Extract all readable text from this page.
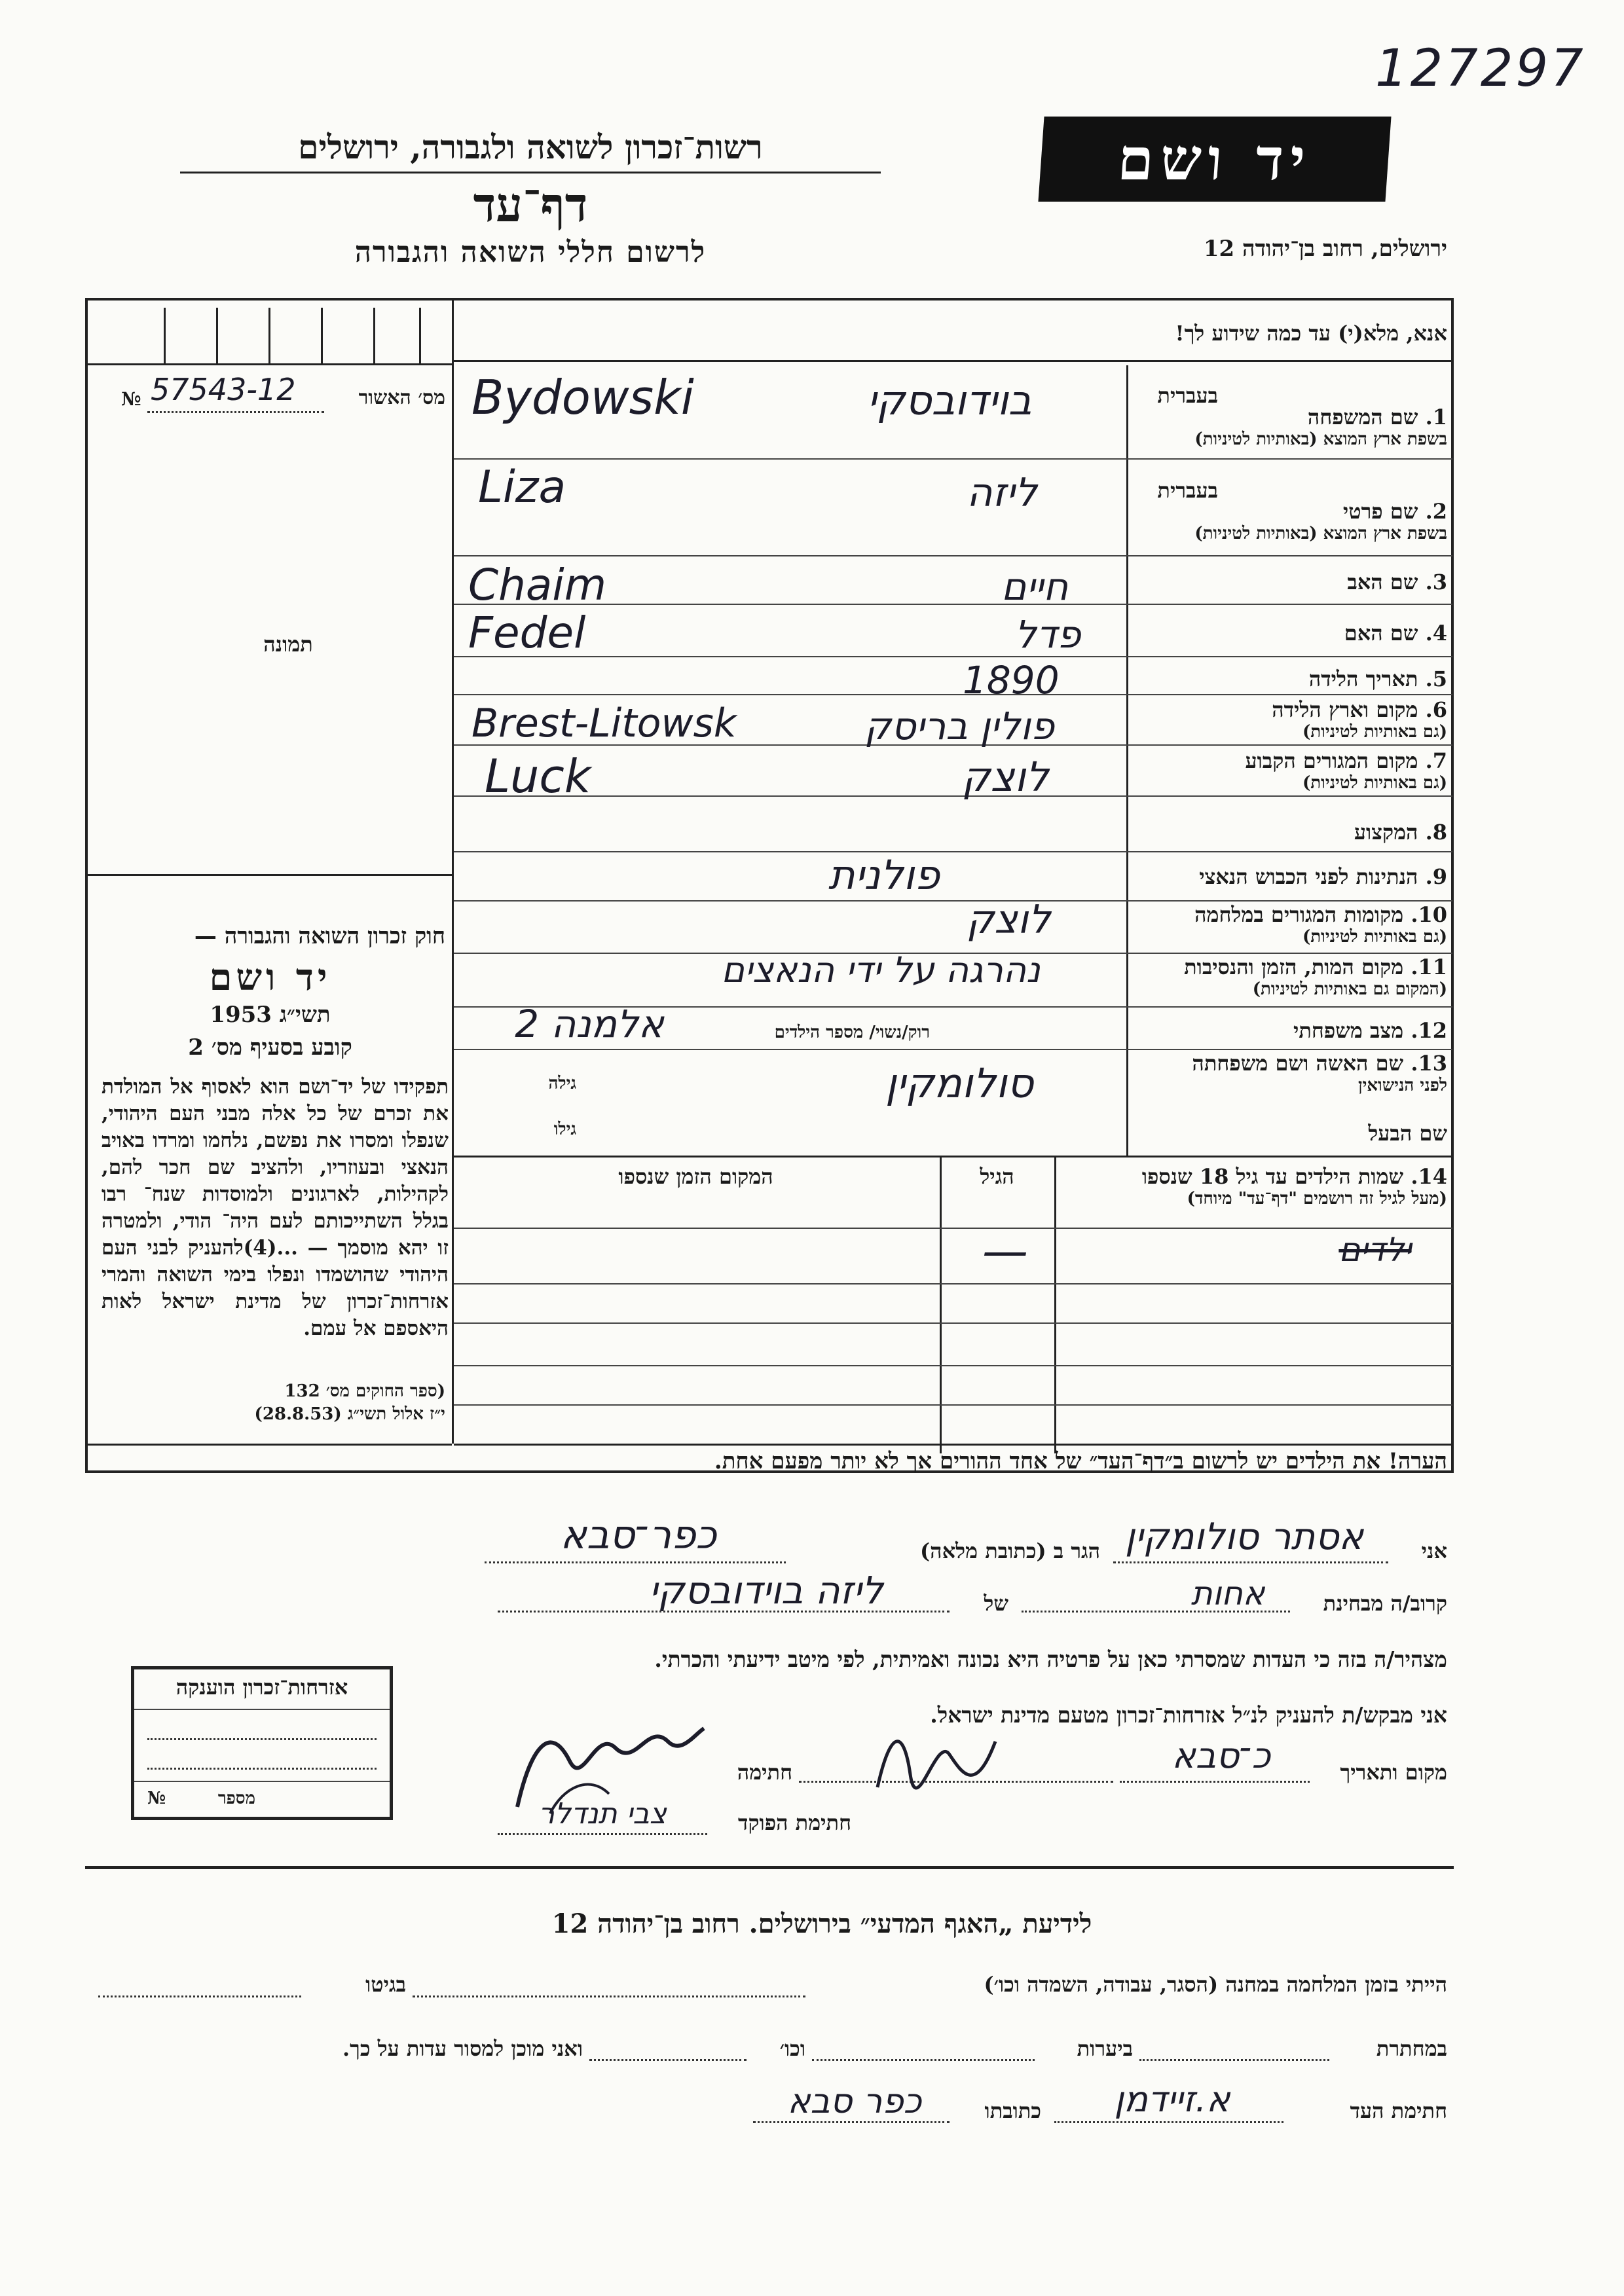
127297
רשות־זכרון לשואה ולגבורה, ירושלים
דף־עד
לרשום חללי השואה והגבורה
יד ושם
ירושלים, רחוב בן־יהודה 12
אנא, מלא(י) עד כמה שידוע לך!
מס׳ האשור
№ 57543-12
תמונה
בעברית
בעברית
1. שם המשפחה
בשפת ארץ המוצא (באותיות לטיניות)
2. שם פרטי
בשפת ארץ המוצא (באותיות לטיניות)
3. שם האב
4. שם האם
5. תאריך הלידה
6. מקום וארץ הלידה
(גם באותיות לטיניות)
7. מקום המגורים הקבוע
(גם באותיות לטיניות)
8. המקצוע
9. הנתינות לפני הכבוש הנאצי
10. מקומות המגורים במלחמה
(גם באותיות לטיניות)
11. מקום המות, הזמן והנסיבות
(המקום גם באותיות לטיניות)
12. מצב משפחתי
13. שם האשה ושם משפחתה
לפני הנישואין
שם הבעל
Bydowski
Liza
Chaim
Fedel
Brest-Litowsk
Luck
בוידובסקי
ליזה
חיים
פדל
1890
פולין בריסק
לוצק
פולנית
לוצק
נהרגה על ידי הנאצים
אלמנה 2
סולומקין
רוק/נשוי/ מספר הילדים
גילה
גילו
14. שמות הילדים עד גיל 18 שנספו
(מעל לגיל זה רושמים "דף־עד" מיוחד)
הגיל
המקום הזמן שנספו
ילדים
—
חוק זכרון השואה והגבורה —
יד ושם
תשי״ג 1953
קובע בסעיף מס׳ 2
תפקידו של יד־ושם הוא לאסוף אל המולדת את זכרם של כל אלה מבני העם היהודי, שנפלו ומסרו את נפשם, נלחמו ומרדו באויב הנאצי ובעוזריו, ולהציב שם חכר להם, לקהילות, לארגונים ולמוסדות שנח־ רבו בגלל השתייכותם לעם היה־ הודי, ולמטרה זו יהא מוסמך — ...(4)להעניק לבני העם היהודי שהושמדו ונפלו בימי השואה והמרי אזרחות־זכרון של מדינת ישראל לאות היאספם אל עמם.
(ספר החוקים מס׳ 132
י״ז אלול תשי״ג (28.8.53)
הערה! את הילדים יש לרשום ב״דף־העד״ של אחד ההורים אך לא יותר מפעם אחת.
אני
אסתר סולומקין
הגר ב (כתובת מלאה)
כפר־סבא
קרוב/ה מבחינת
אחות
של
ליזה בוידובסקי
מצהיר/ה בזה כי העדות שמסרתי כאן על פרטיה היא נכונה ואמיתית, לפי מיטב ידיעתי והכרתי.
אני מבקש/ת להעניק לנ״ל אזרחות־זכרון מטעם מדינת ישראל.
מקום ותאריך
כ־סבא
חתימה
חתימת הפוקד
צבי תנדלר
אזרחות־זכרון הוענקה
מספר
№
לידיעת „האגף המדעי״ בירושלים. רחוב בן־יהודה 12
הייתי בזמן המלחמה במחנה (הסגר, עבודה, השמדה וכו׳)
בגיטו
במחתרת
ביערות
וכו׳
ואני מוכן למסור עדות על כך.
חתימת העד
א.זיידמן
כתובתו
כפר סבא
